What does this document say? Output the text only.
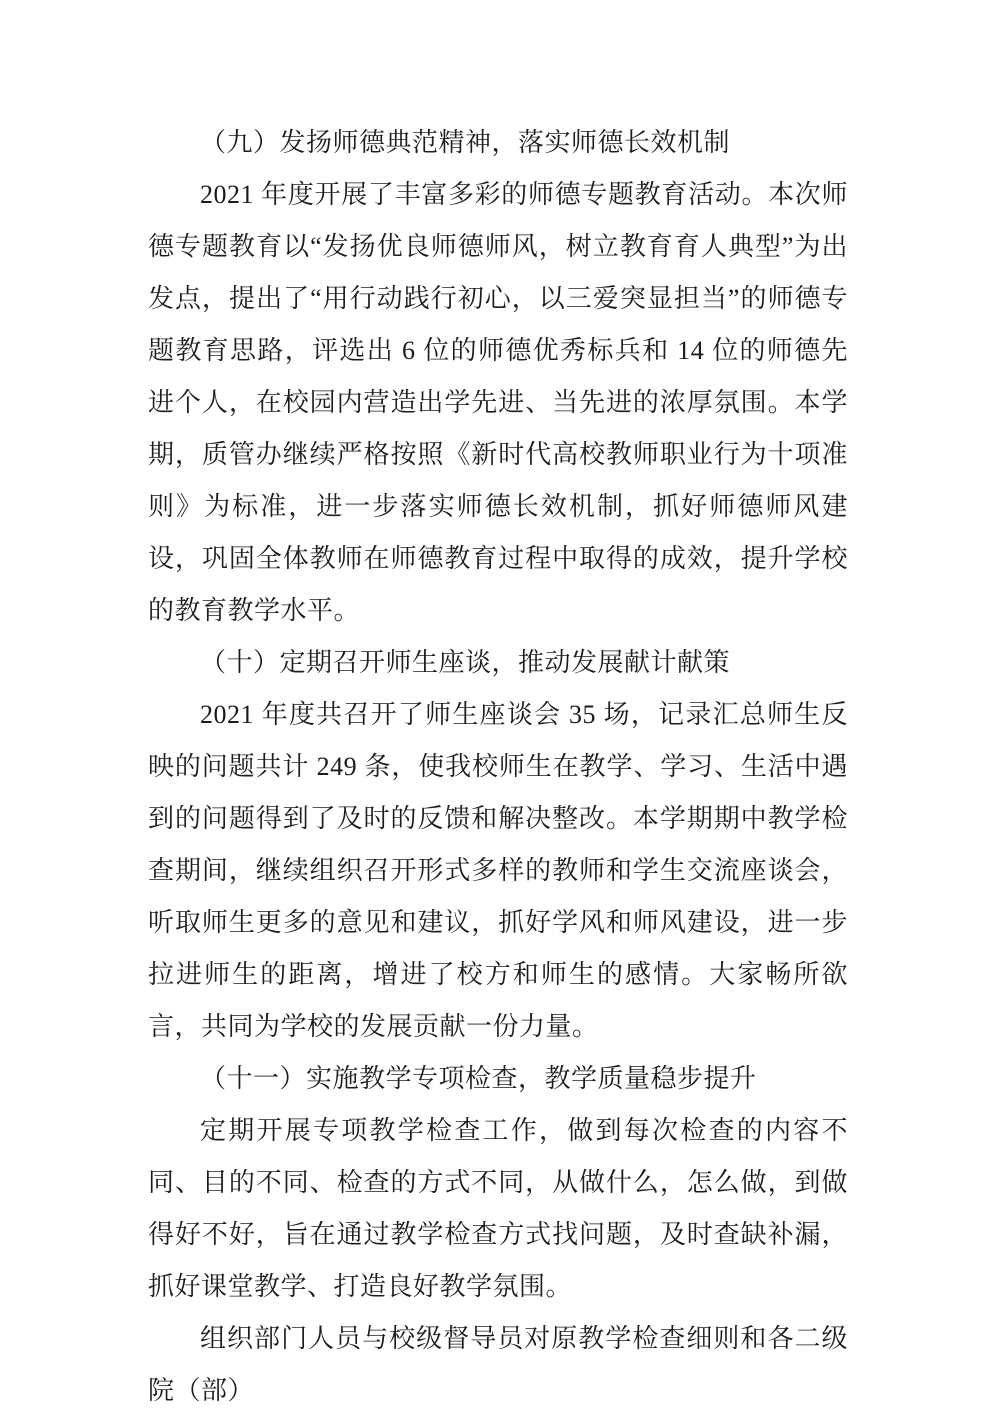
（九）发扬师德典范精神，落实师德长效机制

2021 年度开展了丰富多彩的师德专题教育活动。本次师德专题教育以“发扬优良师德师风，树立教育育人典型”为出发点，提出了“用行动践行初心，以三爱突显担当”的师德专题教育思路，评选出 6 位的师德优秀标兵和 14 位的师德先进个人，在校园内营造出学先进、当先进的浓厚氛围。本学期，质管办继续严格按照《新时代高校教师职业行为十项准则》为标准，进一步落实师德长效机制，抓好师德师风建设，巩固全体教师在师德教育过程中取得的成效，提升学校的教育教学水平。

（十）定期召开师生座谈，推动发展献计献策

2021 年度共召开了师生座谈会 35 场，记录汇总师生反映的问题共计 249 条，使我校师生在教学、学习、生活中遇到的问题得到了及时的反馈和解决整改。本学期期中教学检查期间，继续组织召开形式多样的教师和学生交流座谈会，听取师生更多的意见和建议，抓好学风和师风建设，进一步拉进师生的距离，增进了校方和师生的感情。大家畅所欲言，共同为学校的发展贡献一份力量。

（十一）实施教学专项检查，教学质量稳步提升

定期开展专项教学检查工作，做到每次检查的内容不同、目的不同、检查的方式不同，从做什么，怎么做，到做得好不好，旨在通过教学检查方式找问题，及时查缺补漏，抓好课堂教学、打造良好教学氛围。

组织部门人员与校级督导员对原教学检查细则和各二级院（部）
